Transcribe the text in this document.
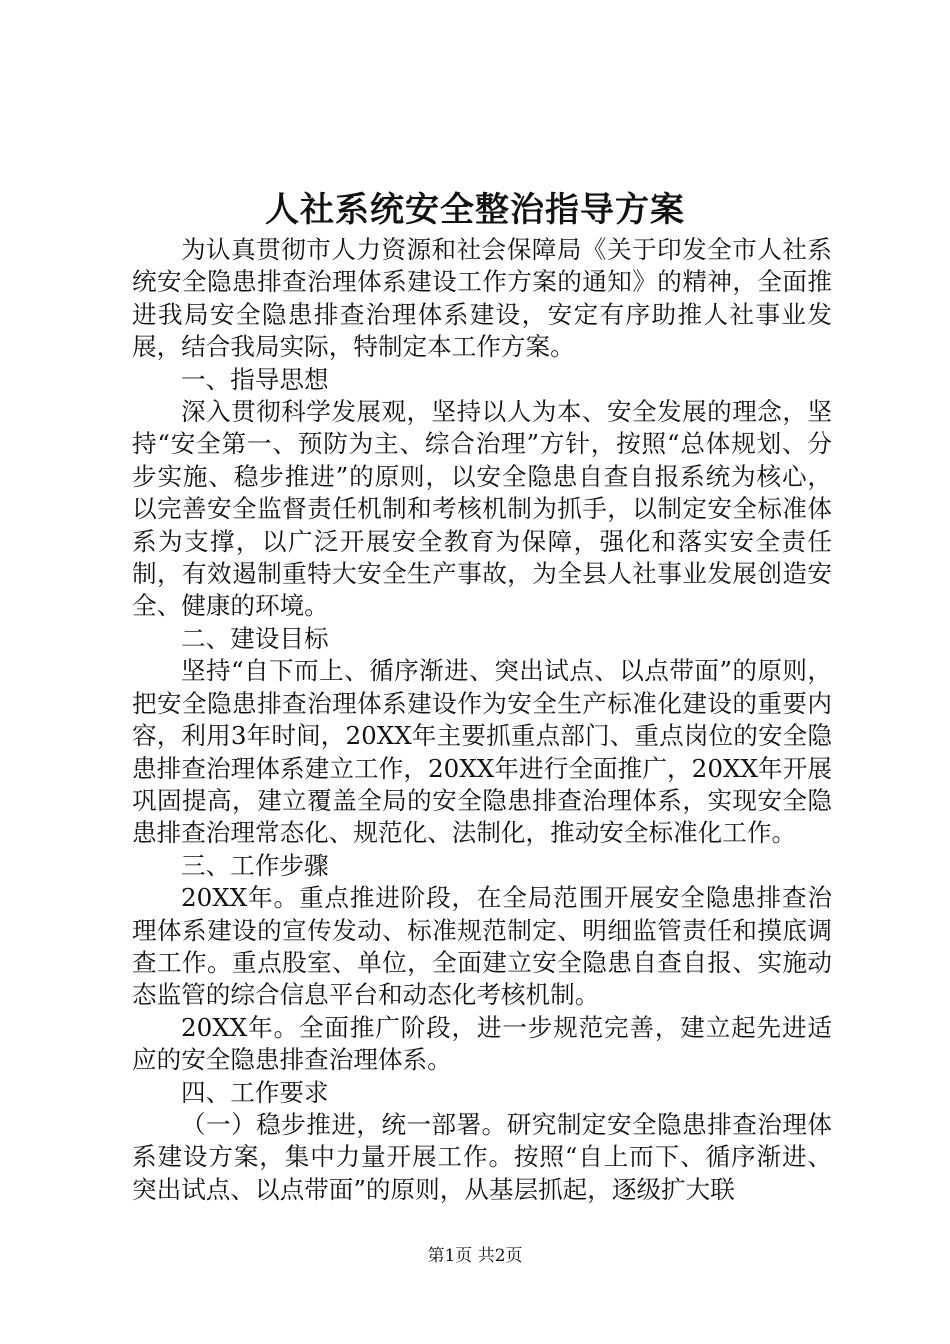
人社系统安全整治指导方案

为认真贯彻市人力资源和社会保障局《关于印发全市人社系统安全隐患排查治理体系建设工作方案的通知》的精神，全面推进我局安全隐患排查治理体系建设，安定有序助推人社事业发展，结合我局实际，特制定本工作方案。

一、指导思想

深入贯彻科学发展观，坚持以人为本、安全发展的理念，坚持“安全第一、预防为主、综合治理”方针，按照“总体规划、分步实施、稳步推进”的原则，以安全隐患自查自报系统为核心，以完善安全监督责任机制和考核机制为抓手，以制定安全标准体系为支撑，以广泛开展安全教育为保障，强化和落实安全责任制，有效遏制重特大安全生产事故，为全县人社事业发展创造安全、健康的环境。

二、建设目标

坚持“自下而上、循序渐进、突出试点、以点带面”的原则，把安全隐患排查治理体系建设作为安全生产标准化建设的重要内容，利用3年时间，20XX年主要抓重点部门、重点岗位的安全隐患排查治理体系建立工作，20XX年进行全面推广，20XX年开展巩固提高，建立覆盖全局的安全隐患排查治理体系，实现安全隐患排查治理常态化、规范化、法制化，推动安全标准化工作。

三、工作步骤

20XX年。重点推进阶段，在全局范围开展安全隐患排查治理体系建设的宣传发动、标准规范制定、明细监管责任和摸底调查工作。重点股室、单位，全面建立安全隐患自查自报、实施动态监管的综合信息平台和动态化考核机制。

20XX年。全面推广阶段，进一步规范完善，建立起先进适应的安全隐患排查治理体系。

四、工作要求

（一）稳步推进，统一部署。研究制定安全隐患排查治理体系建设方案，集中力量开展工作。按照“自上而下、循序渐进、突出试点、以点带面”的原则，从基层抓起，逐级扩大联

第1页 共2页
